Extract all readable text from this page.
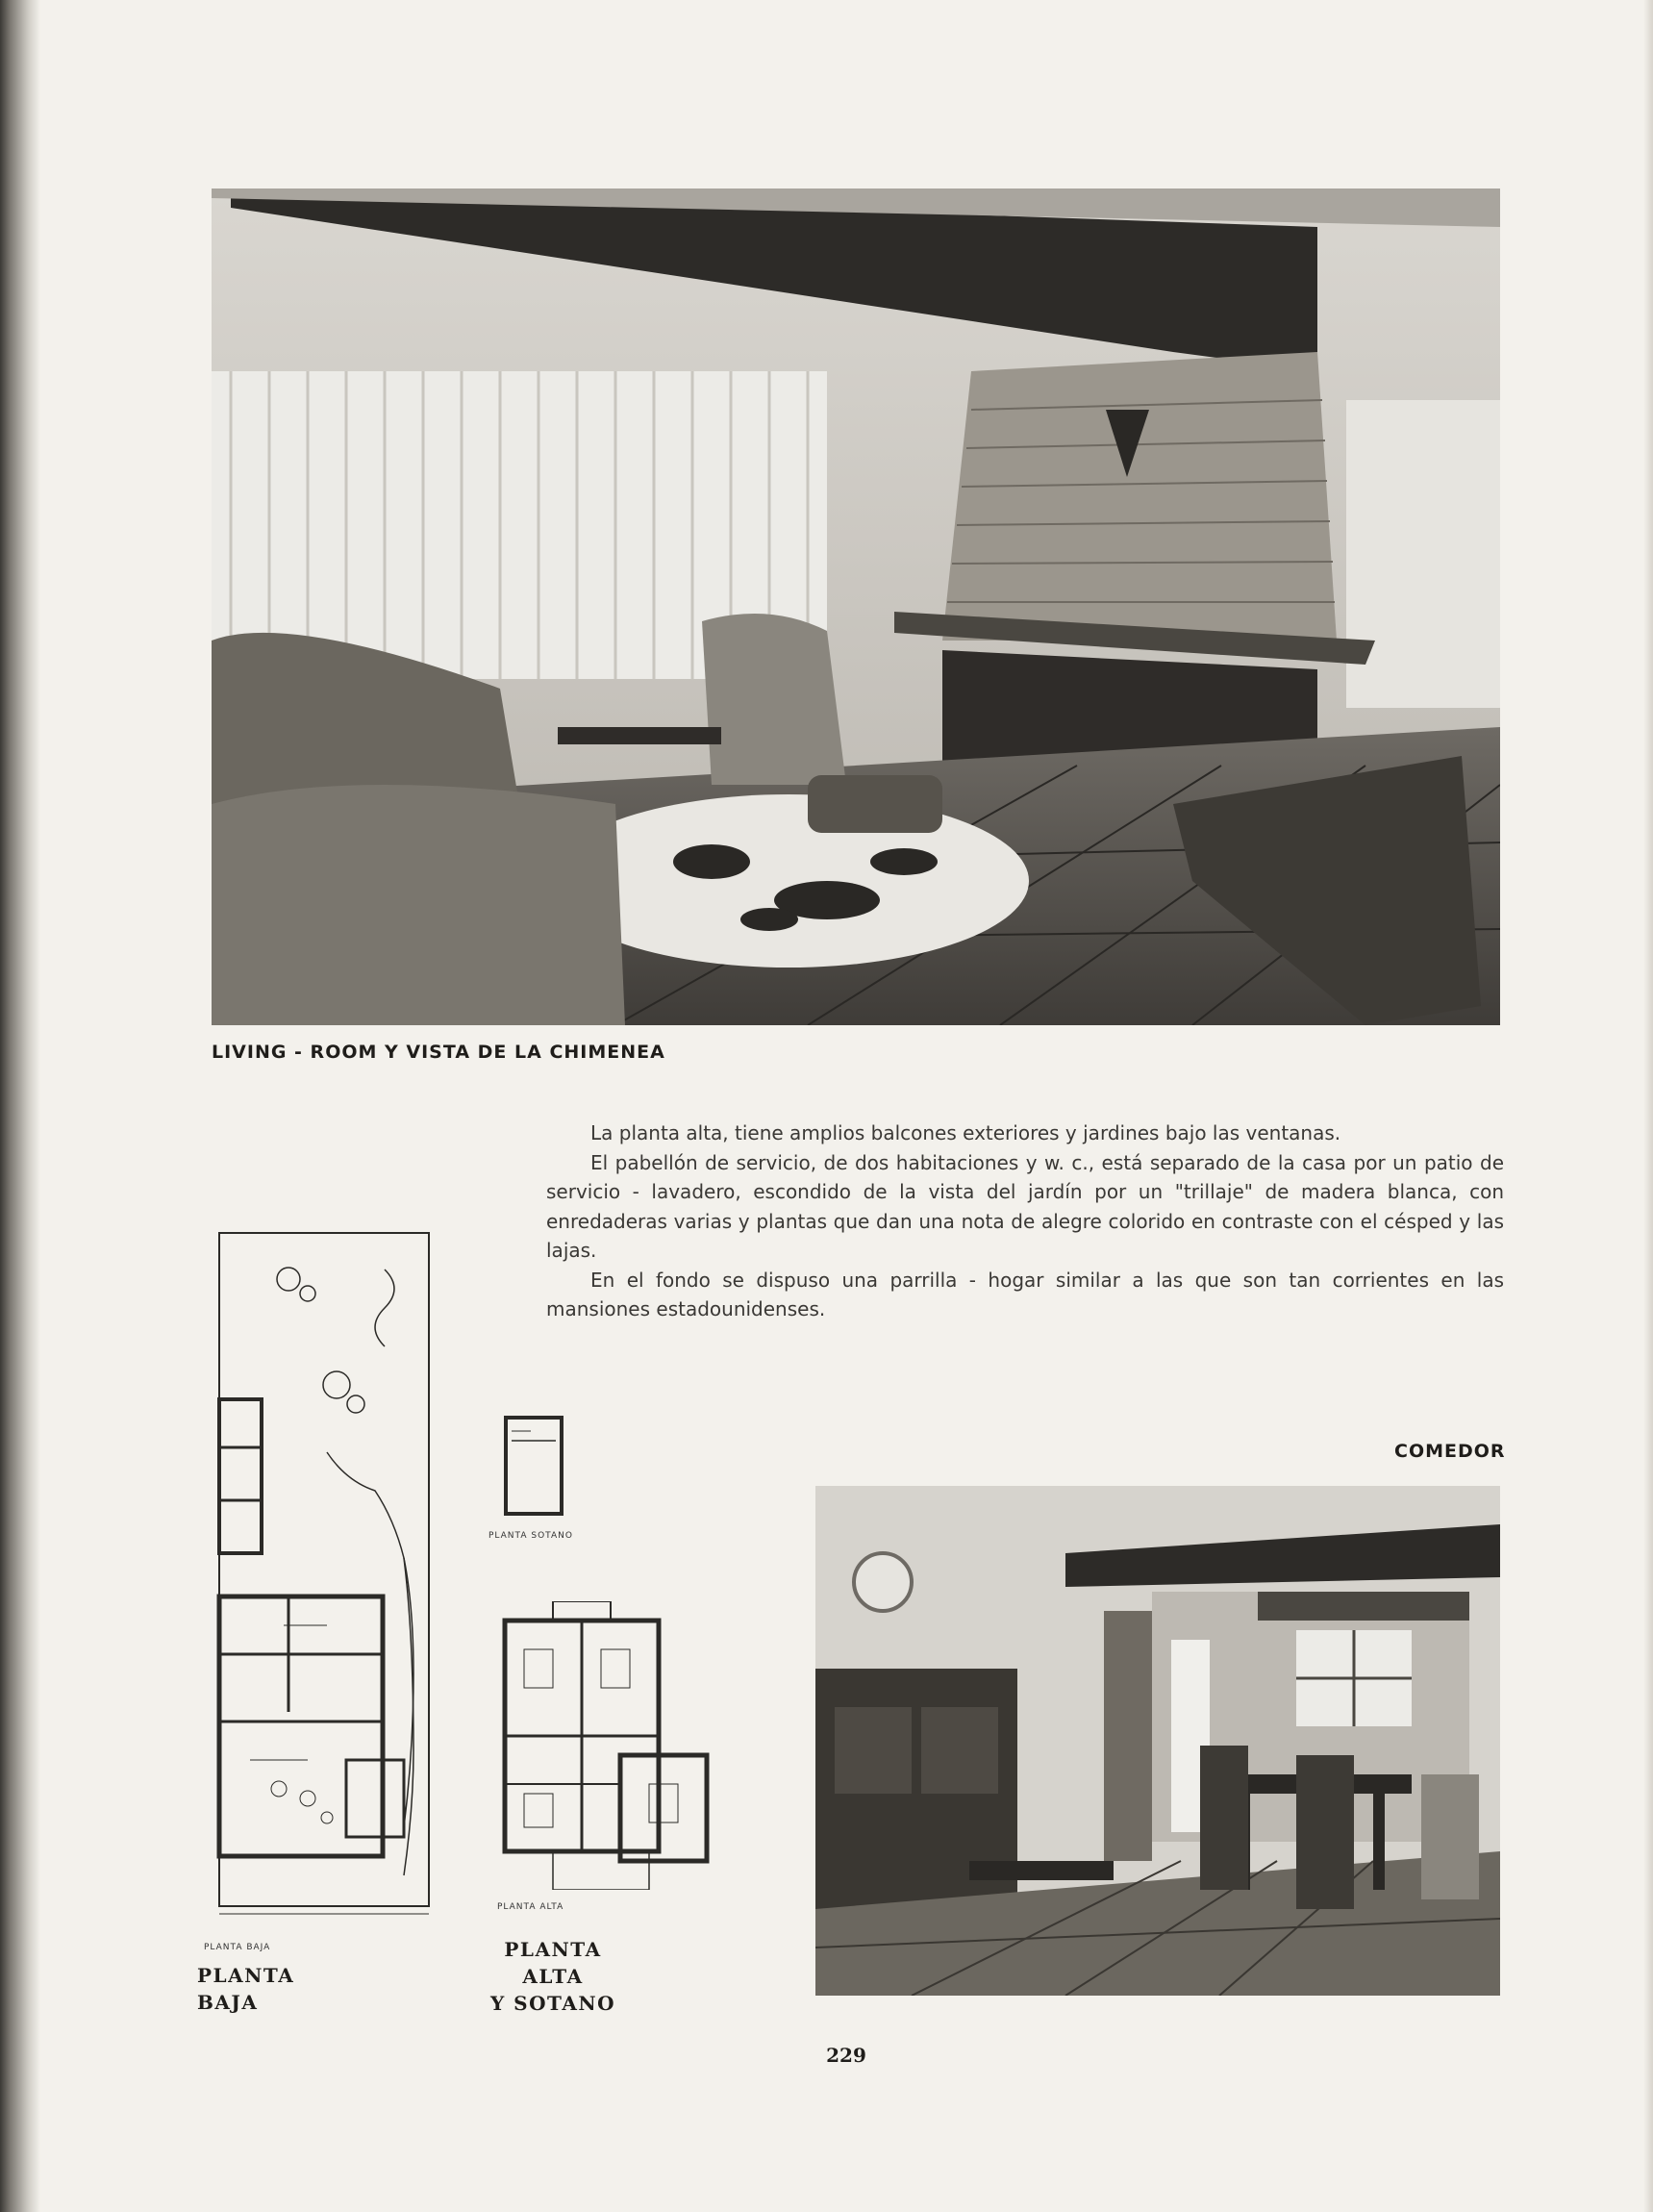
LIVING - ROOM Y VISTA DE LA CHIMENEA

La planta alta, tiene amplios balcones exteriores y jardines bajo las ventanas.

El pabellón de servicio, de dos habitaciones y w. c., está separado de la casa por un patio de servicio - lavadero, escondido de la vista del jardín por un "trillaje" de madera blanca, con enredaderas varias y plantas que dan una nota de alegre colorido en contraste con el césped y las lajas.

En el fondo se dispuso una parrilla - hogar similar a las que son tan corrientes en las mansiones estadounidenses.

PLANTA BAJA
PLANTA BAJA
PLANTA SOTANO
PLANTA ALTA
PLANTA ALTA
Y SOTANO
COMEDOR
229
